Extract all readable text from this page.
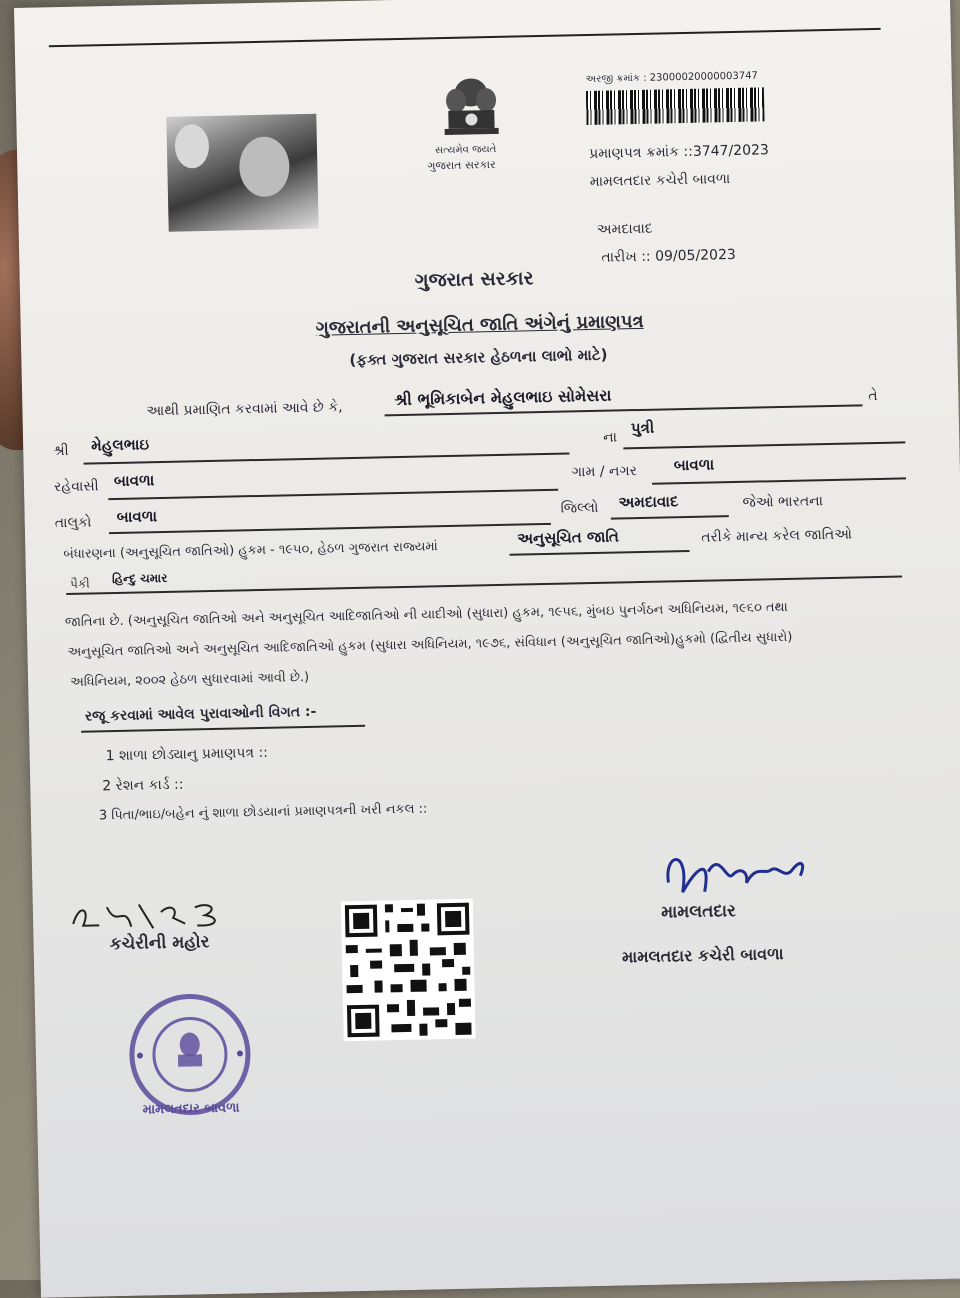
સત્યમેવ જયતે
ગુજરાત સરકાર
અરજી ક્રમાંક : 23000020000003747
પ્રમાણપત્ર ક્રમાંક ::3747/2023
મામલતદાર કચેરી બાવળા
અમદાવાદ
તારીખ :: 09/05/2023
ગુજરાત સરકાર
ગુજરાતની અનુસૂચિત જાતિ અંગેનું પ્રમાણપત્ર
(ફક્ત ગુજરાત સરકાર હેઠળના લાભો માટે)
આથી પ્રમાણિત કરવામાં આવે છે કે,
શ્રી ભૂમિકાબેન મેહુલભાઇ સોમેસરા	તે
શ્રી મેહુલભાઇ	ના
પુત્રી
રહેવાસી બાવળા	ગામ / નગર બાવળા
તાલુકો બાવળા	જિલ્લો અમદાવાદ	જેઓ ભારતના
બંધારણના (અનુસૂચિત જાતિઓ) હુકમ - ૧૯૫૦, હેઠળ ગુજરાત રાજ્યમાં
અનુસૂચિત જાતિ	તરીકે માન્ય કરેલ જાતિઓ
પૈકી હિન્દુ ચમાર
જાતિના છે. (અનુસૂચિત જાતિઓ અને અનુસૂચિત આદિજાતિઓ ની યાદીઓ (સુધારા) હુકમ, ૧૯૫૬, મુંબઇ પુનર્ગઠન અધિનિયમ, ૧૯૬૦ તથા
અનુસૂચિત જાતિઓ અને અનુસૂચિત આદિજાતિઓ હુકમ (સુધારા અધિનિયમ, ૧૯૭૬, સંવિધાન (અનુસૂચિત જાતિઓ)હુકમો (દ્વિતીય સુધારો)
અધિનિયમ, ૨૦૦૨ હેઠળ સુધારવામાં આવી છે.)
રજૂ કરવામાં આવેલ પુરાવાઓની વિગત :-
1 શાળા છોડ્યાનુ પ્રમાણપત્ર ::
2 રેશન કાર્ડ ::
3 પિતા/ભાઇ/બહેન નું શાળા છોડયાનાં પ્રમાણપત્રની ખરી નકલ ::
કચેરીની મહોર
મામલતદાર
મામલતદાર કચેરી બાવળા
મામલતદાર બાવળા
